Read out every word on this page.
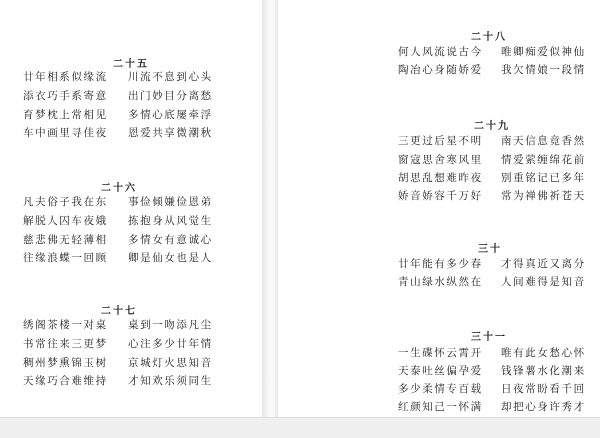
二十五
廿年相系似缘流 川流不息到心头
添衣巧手系寄意 出门妙目分离愁
育梦枕上常相见 多情心底屡牵浮
车中画里寻佳夜 恩爱共享微潮秋
二十六
凡夫俗子我在东 事俭倾嫌俭恩弟
解脱人囚车夜娥 拣抱身从风觉生
慈悲佛无轻薄相 多情女有意诚心
往缘浪蝶一回顾 卿是仙女也是人
二十七
绣阁茶楼一对桌 桌到一吻添凡尘
书常往来三更梦 心注多少廿年情
稠州梦熏锦玉树 京城灯火思知音
天缘巧合难维持 才知欢乐须同生
二十八
何人风流说古今 唯卿痴爱似神仙
陶冶心身随娇爱 我欠情娘一段情
二十九
三更过后星不明 南天信息竟香然
窗寇思舍寒风里 情爱萦缠绵花前
胡思乱想难昨夜 别重铭记已多年
娇音娇容千万好 常为禅佛祈苍天
三十
廿年能有多少春 才得真近又离分
青山绿水纵然在 人间难得是知音
三十一
一生碟怀云霄开 唯有此女愁心怀
天泰吐丝偏孕爱 钱锋薯水化潮来
多少柔情专百载 日夜常盼看千回
红颜知己一怀满 却把心身许秀才
